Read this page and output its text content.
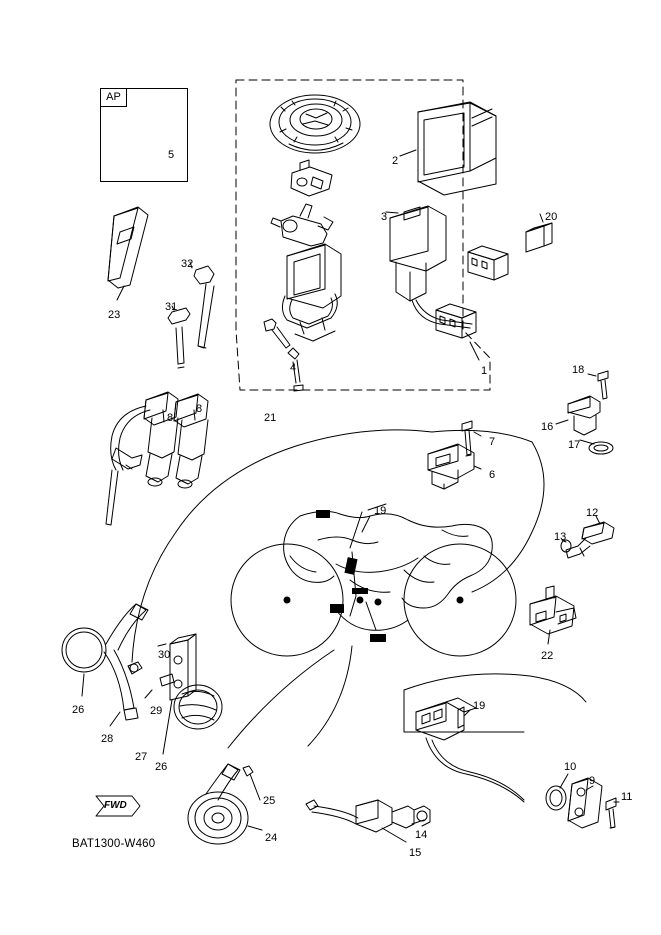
AP
FWD
BAT1300-W460
5	2
3	20
32
31
23
1
4	18
21
16
17
7
8
8
6
19	12
13
22
30
26	29	19
28
27
26	10
9
11
25
24	14
15
